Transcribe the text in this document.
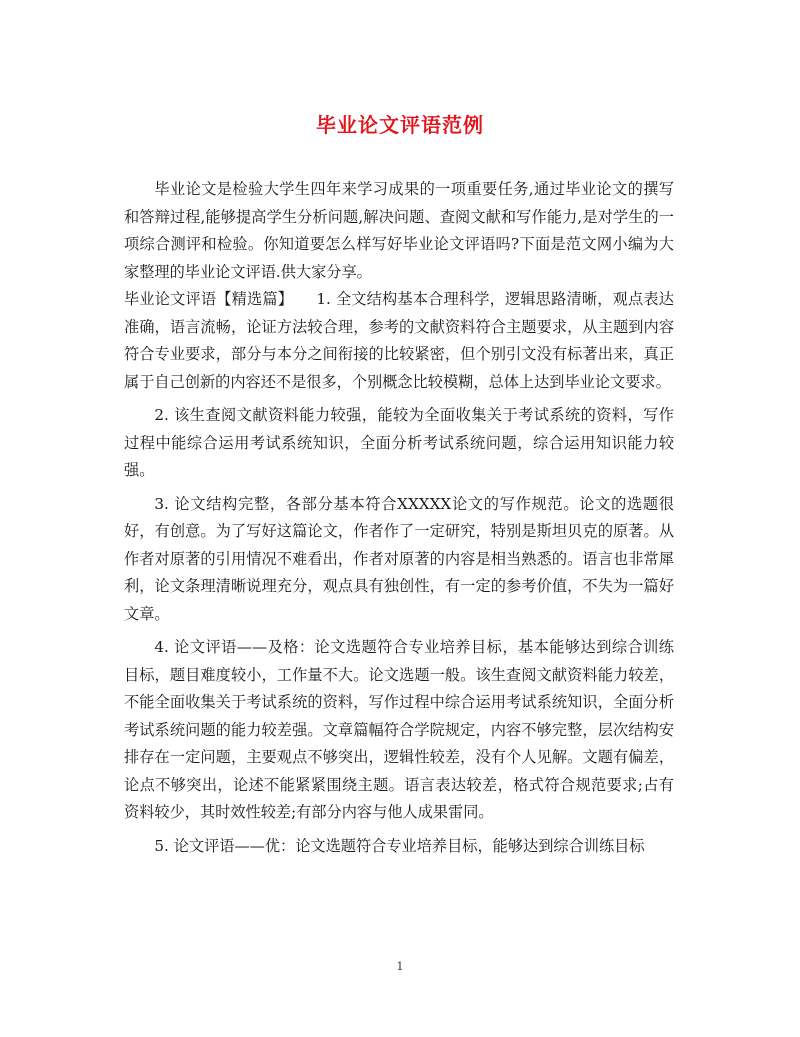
毕业论文评语范例

毕业论文是检验大学生四年来学习成果的一项重要任务,通过毕业论文的撰写和答辩过程,能够提高学生分析问题,解决问题、查阅文献和写作能力,是对学生的一项综合测评和检验。你知道要怎么样写好毕业论文评语吗?下面是范文网小编为大家整理的毕业论文评语.供大家分享。

毕业论文评语【精选篇】　　1. 全文结构基本合理科学，逻辑思路清晰，观点表达准确，语言流畅，论证方法较合理，参考的文献资料符合主题要求，从主题到内容符合专业要求，部分与本分之间衔接的比较紧密，但个别引文没有标著出来，真正属于自己创新的内容还不是很多，个别概念比较模糊，总体上达到毕业论文要求。

2. 该生查阅文献资料能力较强，能较为全面收集关于考试系统的资料，写作过程中能综合运用考试系统知识，全面分析考试系统问题，综合运用知识能力较强。

3. 论文结构完整，各部分基本符合XXXXX论文的写作规范。论文的选题很好，有创意。为了写好这篇论文，作者作了一定研究，特别是斯坦贝克的原著。从作者对原著的引用情况不难看出，作者对原著的内容是相当熟悉的。语言也非常犀利，论文条理清晰说理充分，观点具有独创性，有一定的参考价值，不失为一篇好文章。

4. 论文评语——及格：论文选题符合专业培养目标，基本能够达到综合训练目标，题目难度较小，工作量不大。论文选题一般。该生查阅文献资料能力较差，不能全面收集关于考试系统的资料，写作过程中综合运用考试系统知识，全面分析考试系统问题的能力较差强。文章篇幅符合学院规定，内容不够完整，层次结构安排存在一定问题，主要观点不够突出，逻辑性较差，没有个人见解。文题有偏差，论点不够突出，论述不能紧紧围绕主题。语言表达较差，格式符合规范要求;占有资料较少，其时效性较差;有部分内容与他人成果雷同。

5. 论文评语——优：论文选题符合专业培养目标，能够达到综合训练目标

1
